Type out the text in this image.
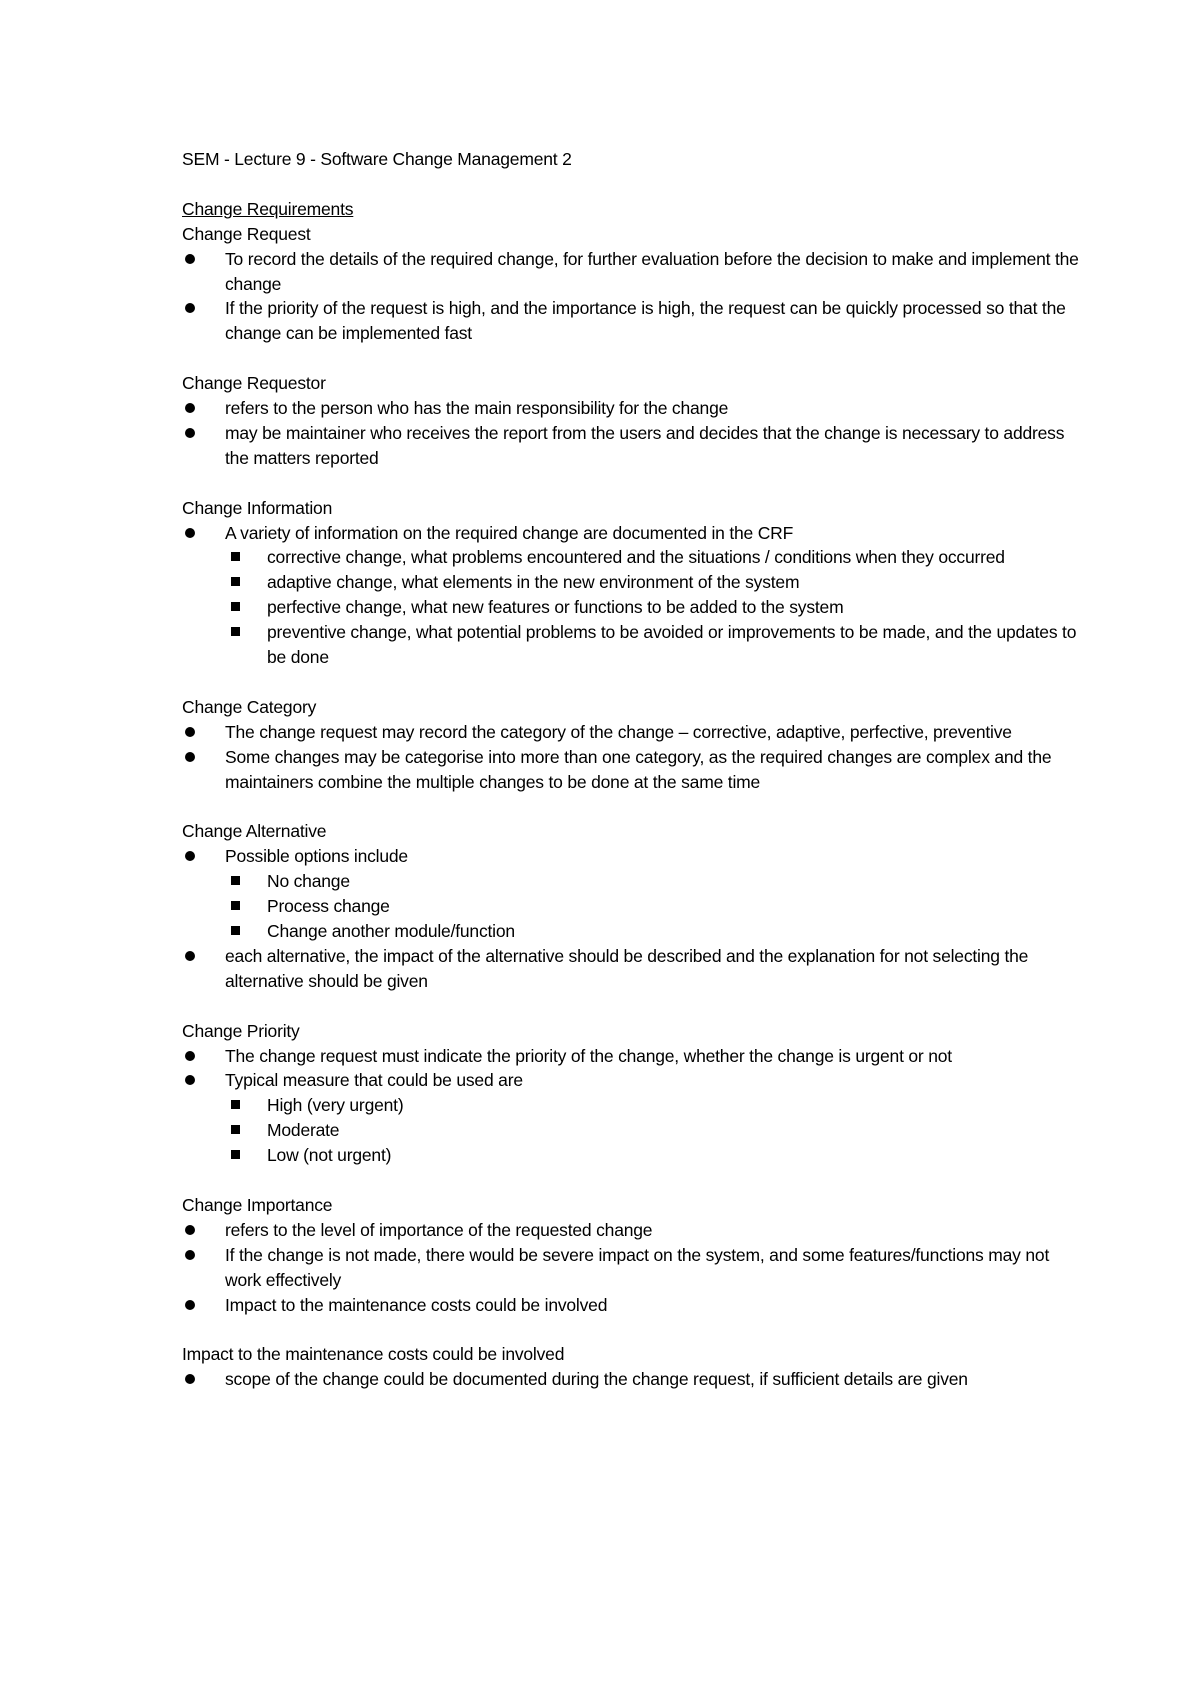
SEM - Lecture 9 - Software Change Management 2
Change Requirements
Change Request
To record the details of the required change, for further evaluation before the decision to make and implement the change
If the priority of the request is high, and the importance is high, the request can be quickly processed so that the change can be implemented fast
Change Requestor
refers to the person who has the main responsibility for the change
may be maintainer who receives the report from the users and decides that the change is necessary to address the matters reported
Change Information
A variety of information on the required change are documented in the CRF
corrective change, what problems encountered and the situations / conditions when they occurred
adaptive change, what elements in the new environment of the system
perfective change, what new features or functions to be added to the system
preventive change, what potential problems to be avoided or improvements to be made, and the updates to be done
Change Category
The change request may record the category of the change – corrective, adaptive, perfective, preventive
Some changes may be categorise into more than one category, as the required changes are complex and the maintainers combine the multiple changes to be done at the same time
Change Alternative
Possible options include
No change
Process change
Change another module/function
each alternative, the impact of the alternative should be described and the explanation for not selecting the alternative should be given
Change Priority
The change request must indicate the priority of the change, whether the change is urgent or not
Typical measure that could be used are
High (very urgent)
Moderate
Low (not urgent)
Change Importance
refers to the level of importance of the requested change
If the change is not made, there would be severe impact on the system, and some features/functions may not work effectively
Impact to the maintenance costs could be involved
Impact to the maintenance costs could be involved
scope of the change could be documented during the change request, if sufficient details are given
